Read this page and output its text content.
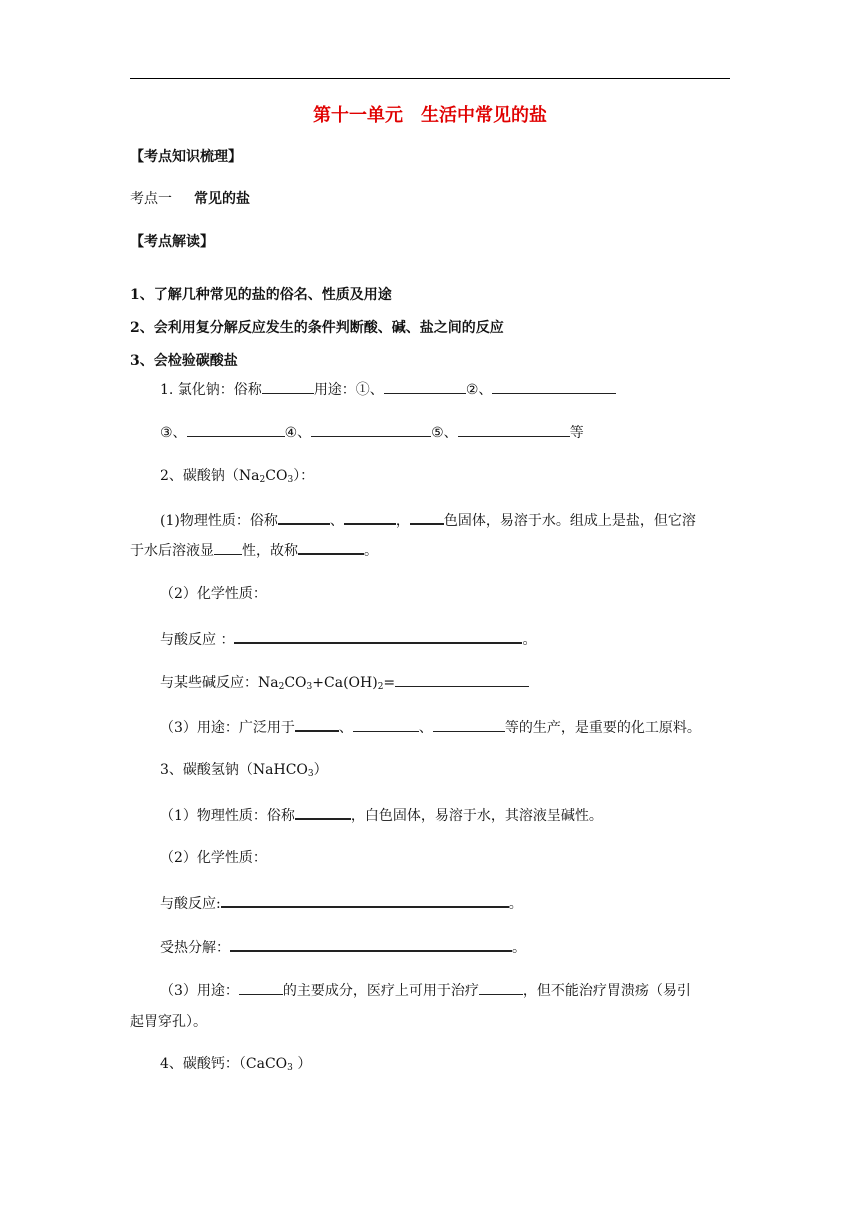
第十一单元　生活中常见的盐
【考点知识梳理】
考点一 常见的盐
【考点解读】
1、了解几种常见的盐的俗名、性质及用途
2、会利用复分解反应发生的条件判断酸、碱、盐之间的反应
3、会检验碳酸盐
1. 氯化钠：俗称	用途：①、	②、
③、	④、	⑤、	等
2、碳酸钠$(Na_2CO_3)$：
(1)物理性质：俗称	、	， 色固体，易溶于水。组成上是盐，但它溶
于水后溶液显 性，故称	。
（2）化学性质：
与酸反应 ：	。
与某些碱反应：$Na_2CO_3+Ca(OH)_2=$
（3）用途：广泛用于	、	、	等的生产，是重要的化工原料。
3、碳酸氢钠（NaHCO$_3$）
（1）物理性质：俗称	，白色固体，易溶于水，其溶液呈碱性。
（2）化学性质：
与酸反应:	。
受热分解：	。
（3）用途：	的主要成分，医疗上可用于治疗	，但不能治疗胃溃疡（易引
起胃穿孔）。
4、碳酸钙：（CaCO$_3$ ）
